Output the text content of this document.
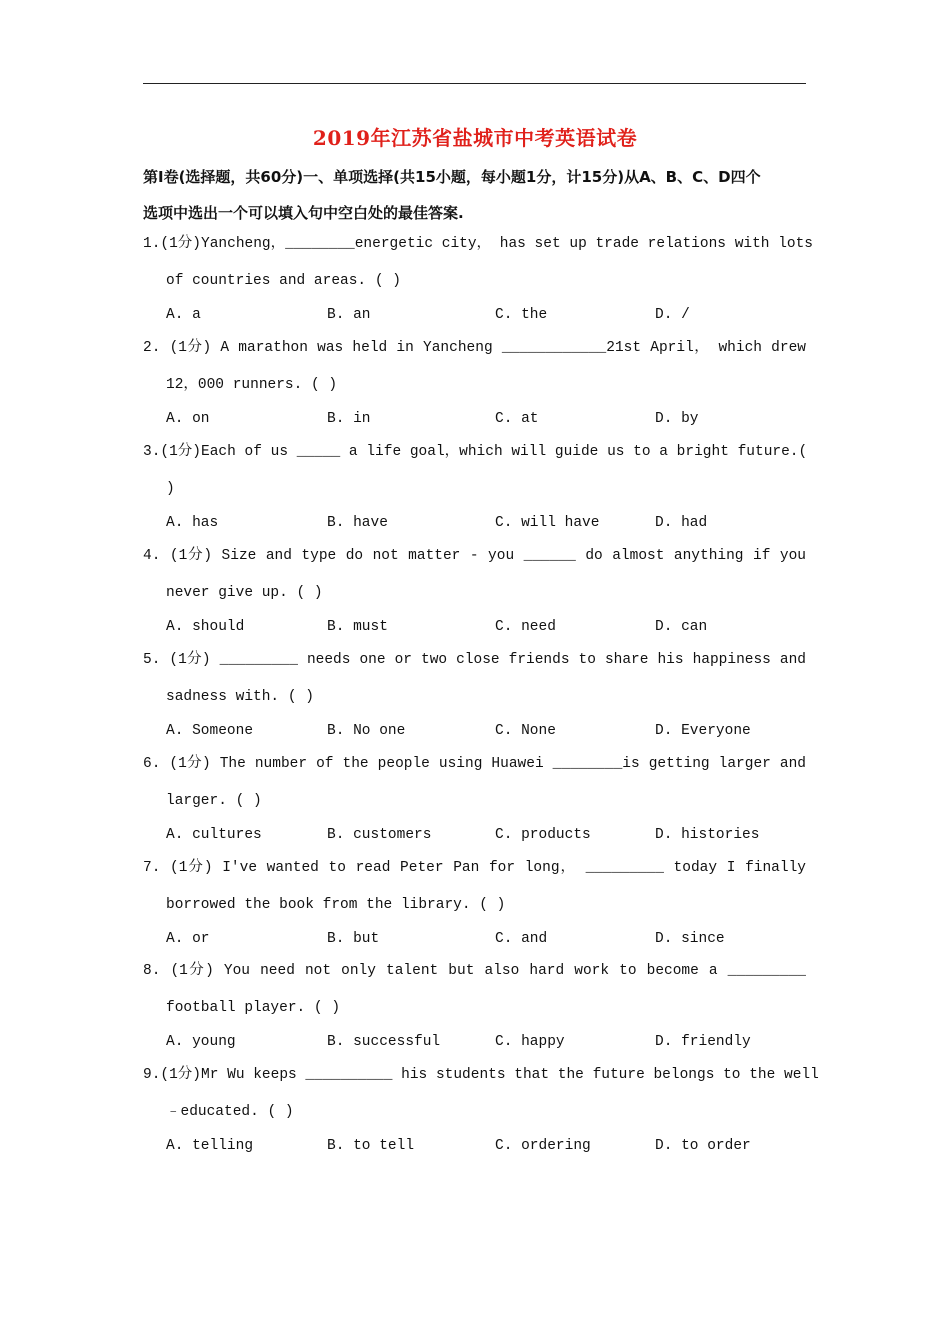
2019年江苏省盐城市中考英语试卷
第Ⅰ卷(选择题，共60分)一、单项选择(共15小题，每小题1分，计15分)从A、B、C、D四个
选项中选出一个可以填入句中空白处的最佳答案.
1.(1分)Yancheng，________energetic city， has set up trade relations with lots
of countries and areas. ( )
A. a	B. an	C. the	D. /
2. (1分) A marathon was held in Yancheng ____________21st April， which drew
12，000 runners. ( )
A. on	B. in	C. at	D. by
3.(1分)Each of us _____ a life goal，which will guide us to a bright future.(
)
A. has	B. have	C. will have	D. had
4. (1分) Size and type do not matter - you ______ do almost anything if you
never give up. ( )
A. should	B. must	C. need	D. can
5. (1分) _________ needs one or two close friends to share his happiness and
sadness with. ( )
A. Someone	B. No one	C. None	D. Everyone
6. (1分) The number of the people using Huawei ________is getting larger and
larger. ( )
A. cultures	B. customers	C. products	D. histories
7. (1分) I've wanted to read Peter Pan for long， _________ today I finally
borrowed the book from the library. ( )
A. or	B. but	C. and	D. since
8. (1分) You need not only talent but also hard work to become a _________
football player. ( )
A. young	B. successful	C. happy	D. friendly
9.(1分)Mr Wu keeps __________ his students that the future belongs to the well
﹣educated. ( )
A. telling	B. to tell	C. ordering	D. to order
